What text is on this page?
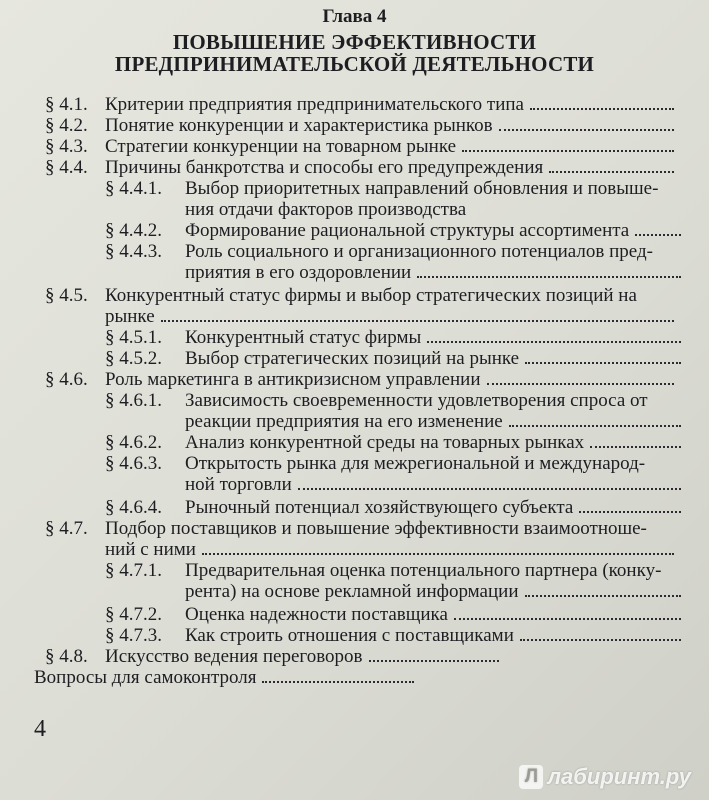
Глава 4
ПОВЫШЕНИЕ ЭФФЕКТИВНОСТИ
ПРЕДПРИНИМАТЕЛЬСКОЙ ДЕЯТЕЛЬНОСТИ
§ 4.1. Критерии предприятия предпринимательского типа
§ 4.2. Понятие конкуренции и характеристика рынков
§ 4.3. Стратегии конкуренции на товарном рынке
§ 4.4. Причины банкротства и способы его предупреждения
§ 4.4.1.	Выбор приоритетных направлений обновления и повыше-
ния отдачи факторов производства
§ 4.4.2.	Формирование рациональной структуры ассортимента
§ 4.4.3.	Роль социального и организационного потенциалов пред-
приятия в его оздоровлении
§ 4.5. Конкурентный статус фирмы и выбор стратегических позиций на
рынке
§ 4.5.1.	Конкурентный статус фирмы
§ 4.5.2.	Выбор стратегических позиций на рынке
§ 4.6. Роль маркетинга в антикризисном управлении
§ 4.6.1.	Зависимость своевременности удовлетворения спроса от
реакции предприятия на его изменение
§ 4.6.2.	Анализ конкурентной среды на товарных рынках
§ 4.6.3.	Открытость рынка для межрегиональной и международ-
ной торговли
§ 4.6.4.	Рыночный потенциал хозяйствующего субъекта
§ 4.7. Подбор поставщиков и повышение эффективности взаимоотноше-
ний с ними
§ 4.7.1.	Предварительная оценка потенциального партнера (конку-
рента) на основе рекламной информации
§ 4.7.2.	Оценка надежности поставщика
§ 4.7.3.	Как строить отношения с поставщиками
§ 4.8. Искусство ведения переговоров
Вопросы для самоконтроля
4
Л лабиринт.ру
